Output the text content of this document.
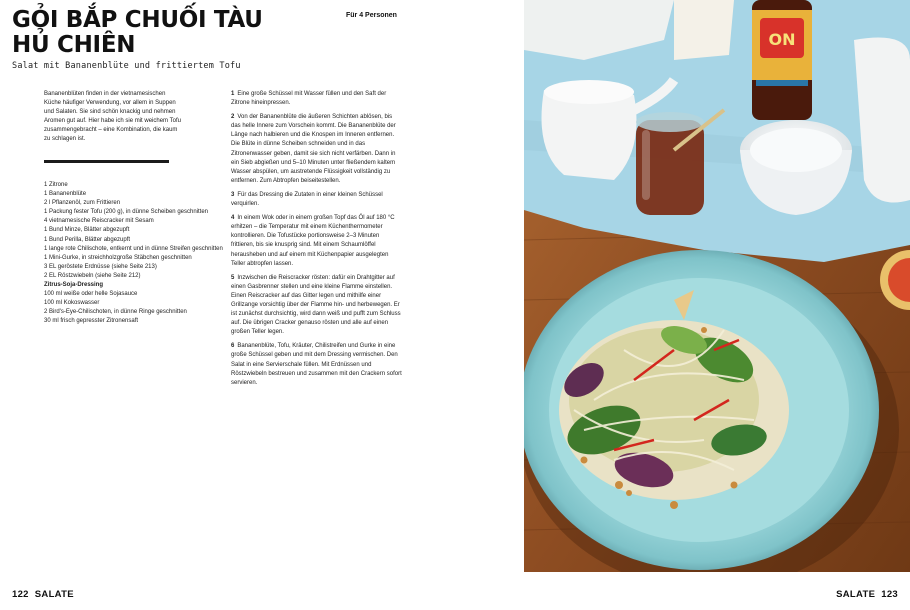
GỎI BẮP CHUỐI TÀU
HỦ CHIÊN
Für 4 Personen
Salat mit Bananenblüte und frittiertem Tofu
Bananenblüten finden in der vietnamesischen
Küche häufiger Verwendung, vor allem in Suppen
und Salaten. Sie sind schön knackig und nehmen
Aromen gut auf. Hier habe ich sie mit weichem Tofu
zusammengebracht – eine Kombination, die kaum
zu schlagen ist.
1 Zitrone
1 Bananenblüte
2 l Pflanzenöl, zum Frittieren
1 Packung fester Tofu (200 g), in dünne Scheiben geschnitten
4 vietnamesische Reiscracker mit Sesam
1 Bund Minze, Blätter abgezupft
1 Bund Perilla, Blätter abgezupft
1 lange rote Chilischote, entkernt und in dünne Streifen geschnitten
1 Mini-Gurke, in streichholzgroße Stäbchen geschnitten
3 EL geröstete Erdnüsse (siehe Seite 213)
2 EL Röstzwiebeln (siehe Seite 212)
Zitrus-Soja-Dressing
100 ml weiße oder helle Sojasauce
100 ml Kokoswasser
2 Bird's-Eye-Chilischoten, in dünne Ringe geschnitten
30 ml frisch gepresster Zitronensaft
1 Eine große Schüssel mit Wasser füllen und den Saft der Zitrone hineinpressen.
2 Von der Bananenblüte die äußeren Schichten ablösen, bis das helle Innere zum Vorschein kommt. Die Bananenblüte der Länge nach halbieren und die Knospen im Inneren entfernen. Die Blüte in dünne Scheiben schneiden und in das Zitronenwasser geben, damit sie sich nicht verfärben. Dann in ein Sieb abgießen und 5–10 Minuten unter fließendem kaltem Wasser abspülen, um austretende Flüssigkeit vollständig zu entfernen. Zum Abtropfen beiseitestellen.
3 Für das Dressing die Zutaten in einer kleinen Schüssel verquirlen.
4 In einem Wok oder in einem großen Topf das Öl auf 180 °C erhitzen – die Temperatur mit einem Küchenthermometer kontrollieren. Die Tofustücke portionsweise 2–3 Minuten frittieren, bis sie knusprig sind. Mit einem Schaumlöffel herausheben und auf einem mit Küchenpapier ausgelegten Teller abtropfen lassen.
5 Inzwischen die Reiscracker rösten: dafür ein Drahtgitter auf einen Gasbrenner stellen und eine kleine Flamme einstellen. Einen Reiscracker auf das Gitter legen und mithilfe einer Grillzange vorsichtig über der Flamme hin- und herbewegen. Er ist zunächst durchsichtig, wird dann weiß und pufft zum Schluss auf. Die übrigen Cracker genauso rösten und alle auf einen großen Teller legen.
6 Bananenblüte, Tofu, Kräuter, Chilistreifen und Gurke in eine große Schüssel geben und mit dem Dressing vermischen. Den Salat in eine Servierschale füllen. Mit Erdnüssen und Röstzwiebeln bestreuen und zusammen mit den Crackern sofort servieren.
122 SALATE
ON
SALATE 123
